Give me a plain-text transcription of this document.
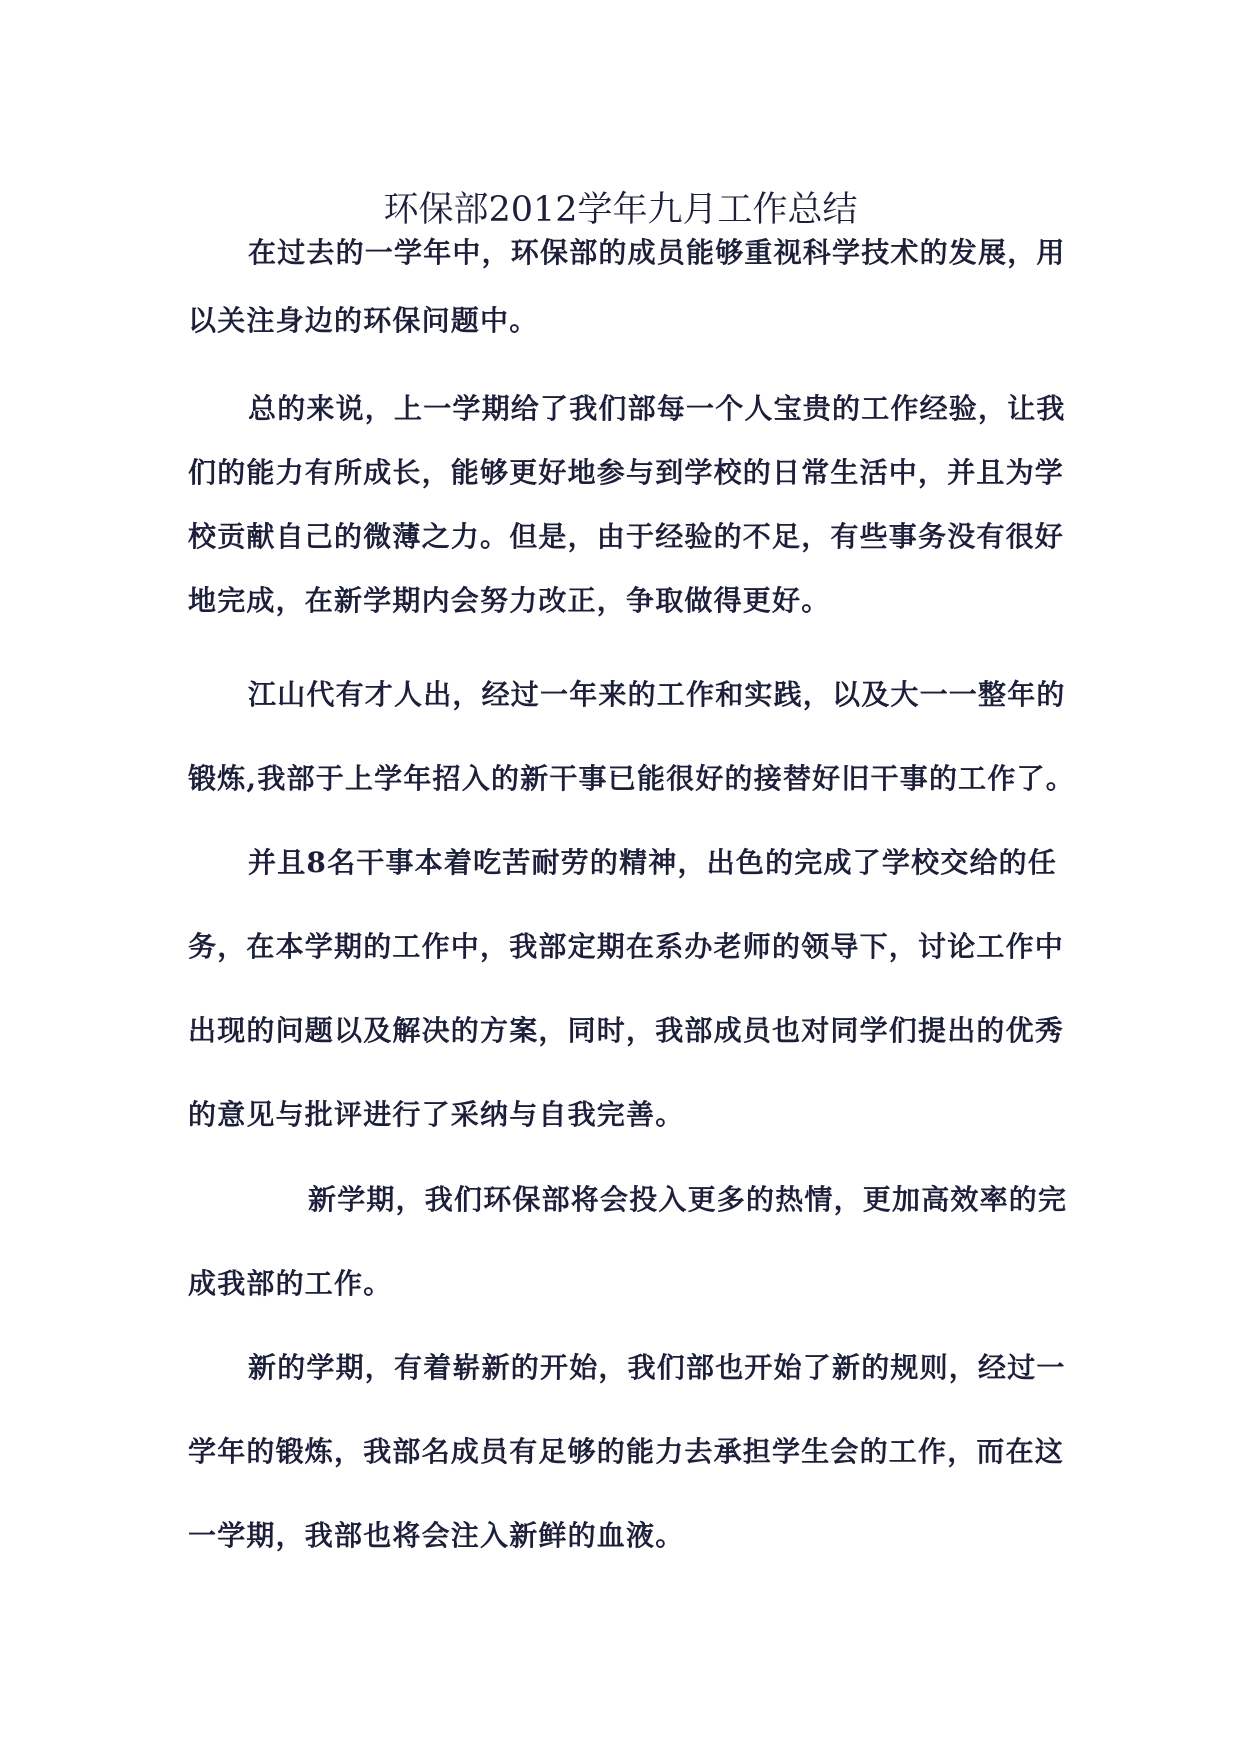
环保部2012学年九月工作总结
在过去的一学年中，环保部的成员能够重视科学技术的发展，用
以关注身边的环保问题中。
总的来说，上一学期给了我们部每一个人宝贵的工作经验，让我
们的能力有所成长，能够更好地参与到学校的日常生活中，并且为学
校贡献自己的微薄之力。但是，由于经验的不足，有些事务没有很好
地完成，在新学期内会努力改正，争取做得更好。
江山代有才人出，经过一年来的工作和实践，以及大一一整年的
锻炼,我部于上学年招入的新干事已能很好的接替好旧干事的工作了。
并且8名干事本着吃苦耐劳的精神，出色的完成了学校交给的任
务，在本学期的工作中，我部定期在系办老师的领导下，讨论工作中
出现的问题以及解决的方案，同时，我部成员也对同学们提出的优秀
的意见与批评进行了采纳与自我完善。
新学期，我们环保部将会投入更多的热情，更加高效率的完
成我部的工作。
新的学期，有着崭新的开始，我们部也开始了新的规则，经过一
学年的锻炼，我部名成员有足够的能力去承担学生会的工作，而在这
一学期，我部也将会注入新鲜的血液。
